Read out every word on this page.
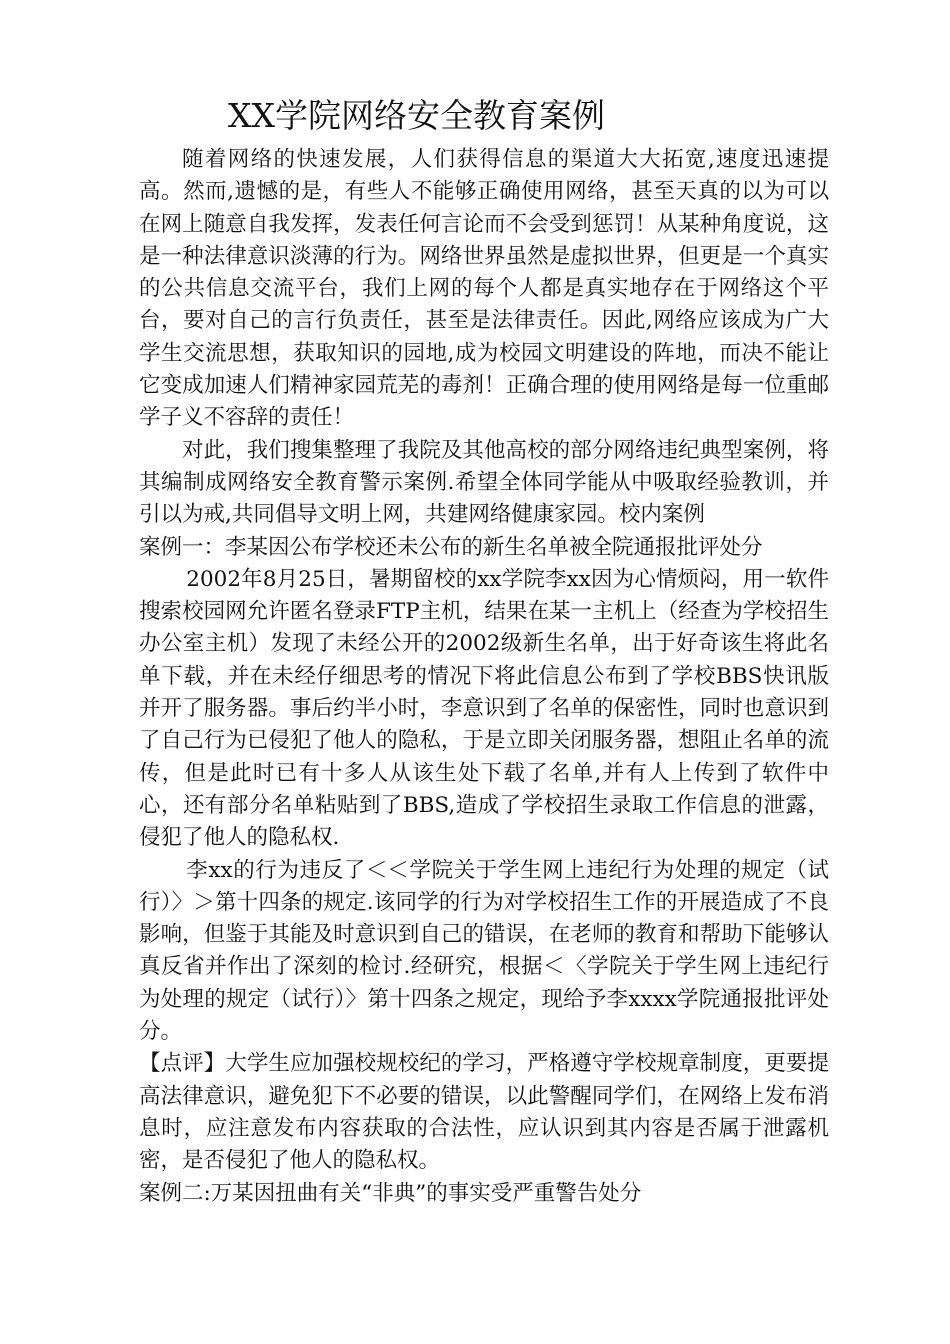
XX学院网络安全教育案例

随着网络的快速发展，人们获得信息的渠道大大拓宽,速度迅速提高。然而,遗憾的是，有些人不能够正确使用网络，甚至天真的以为可以在网上随意自我发挥，发表任何言论而不会受到惩罚！从某种角度说，这是一种法律意识淡薄的行为。网络世界虽然是虚拟世界，但更是一个真实的公共信息交流平台，我们上网的每个人都是真实地存在于网络这个平台，要对自己的言行负责任，甚至是法律责任。因此,网络应该成为广大学生交流思想，获取知识的园地,成为校园文明建设的阵地，而决不能让它变成加速人们精神家园荒芜的毒剂！正确合理的使用网络是每一位重邮学子义不容辞的责任！

对此，我们搜集整理了我院及其他高校的部分网络违纪典型案例，将其编制成网络安全教育警示案例.希望全体同学能从中吸取经验教训，并引以为戒,共同倡导文明上网，共建网络健康家园。校内案例

案例一：李某因公布学校还未公布的新生名单被全院通报批评处分

2002年8月25日，暑期留校的xx学院李xx因为心情烦闷，用一软件搜索校园网允许匿名登录FTP主机，结果在某一主机上（经查为学校招生办公室主机）发现了未经公开的2002级新生名单，出于好奇该生将此名单下载，并在未经仔细思考的情况下将此信息公布到了学校BBS快讯版并开了服务器。事后约半小时，李意识到了名单的保密性，同时也意识到了自己行为已侵犯了他人的隐私，于是立即关闭服务器，想阻止名单的流传，但是此时已有十多人从该生处下载了名单,并有人上传到了软件中心，还有部分名单粘贴到了BBS,造成了学校招生录取工作信息的泄露，侵犯了他人的隐私权.

李xx的行为违反了＜＜学院关于学生网上违纪行为处理的规定（试行）〉＞第十四条的规定.该同学的行为对学校招生工作的开展造成了不良影响，但鉴于其能及时意识到自己的错误，在老师的教育和帮助下能够认真反省并作出了深刻的检讨.经研究，根据＜〈学院关于学生网上违纪行为处理的规定（试行）〉第十四条之规定，现给予李xxxx学院通报批评处分。

【点评】大学生应加强校规校纪的学习，严格遵守学校规章制度，更要提高法律意识，避免犯下不必要的错误，以此警醒同学们，在网络上发布消息时，应注意发布内容获取的合法性，应认识到其内容是否属于泄露机密，是否侵犯了他人的隐私权。

案例二:万某因扭曲有关“非典”的事实受严重警告处分
